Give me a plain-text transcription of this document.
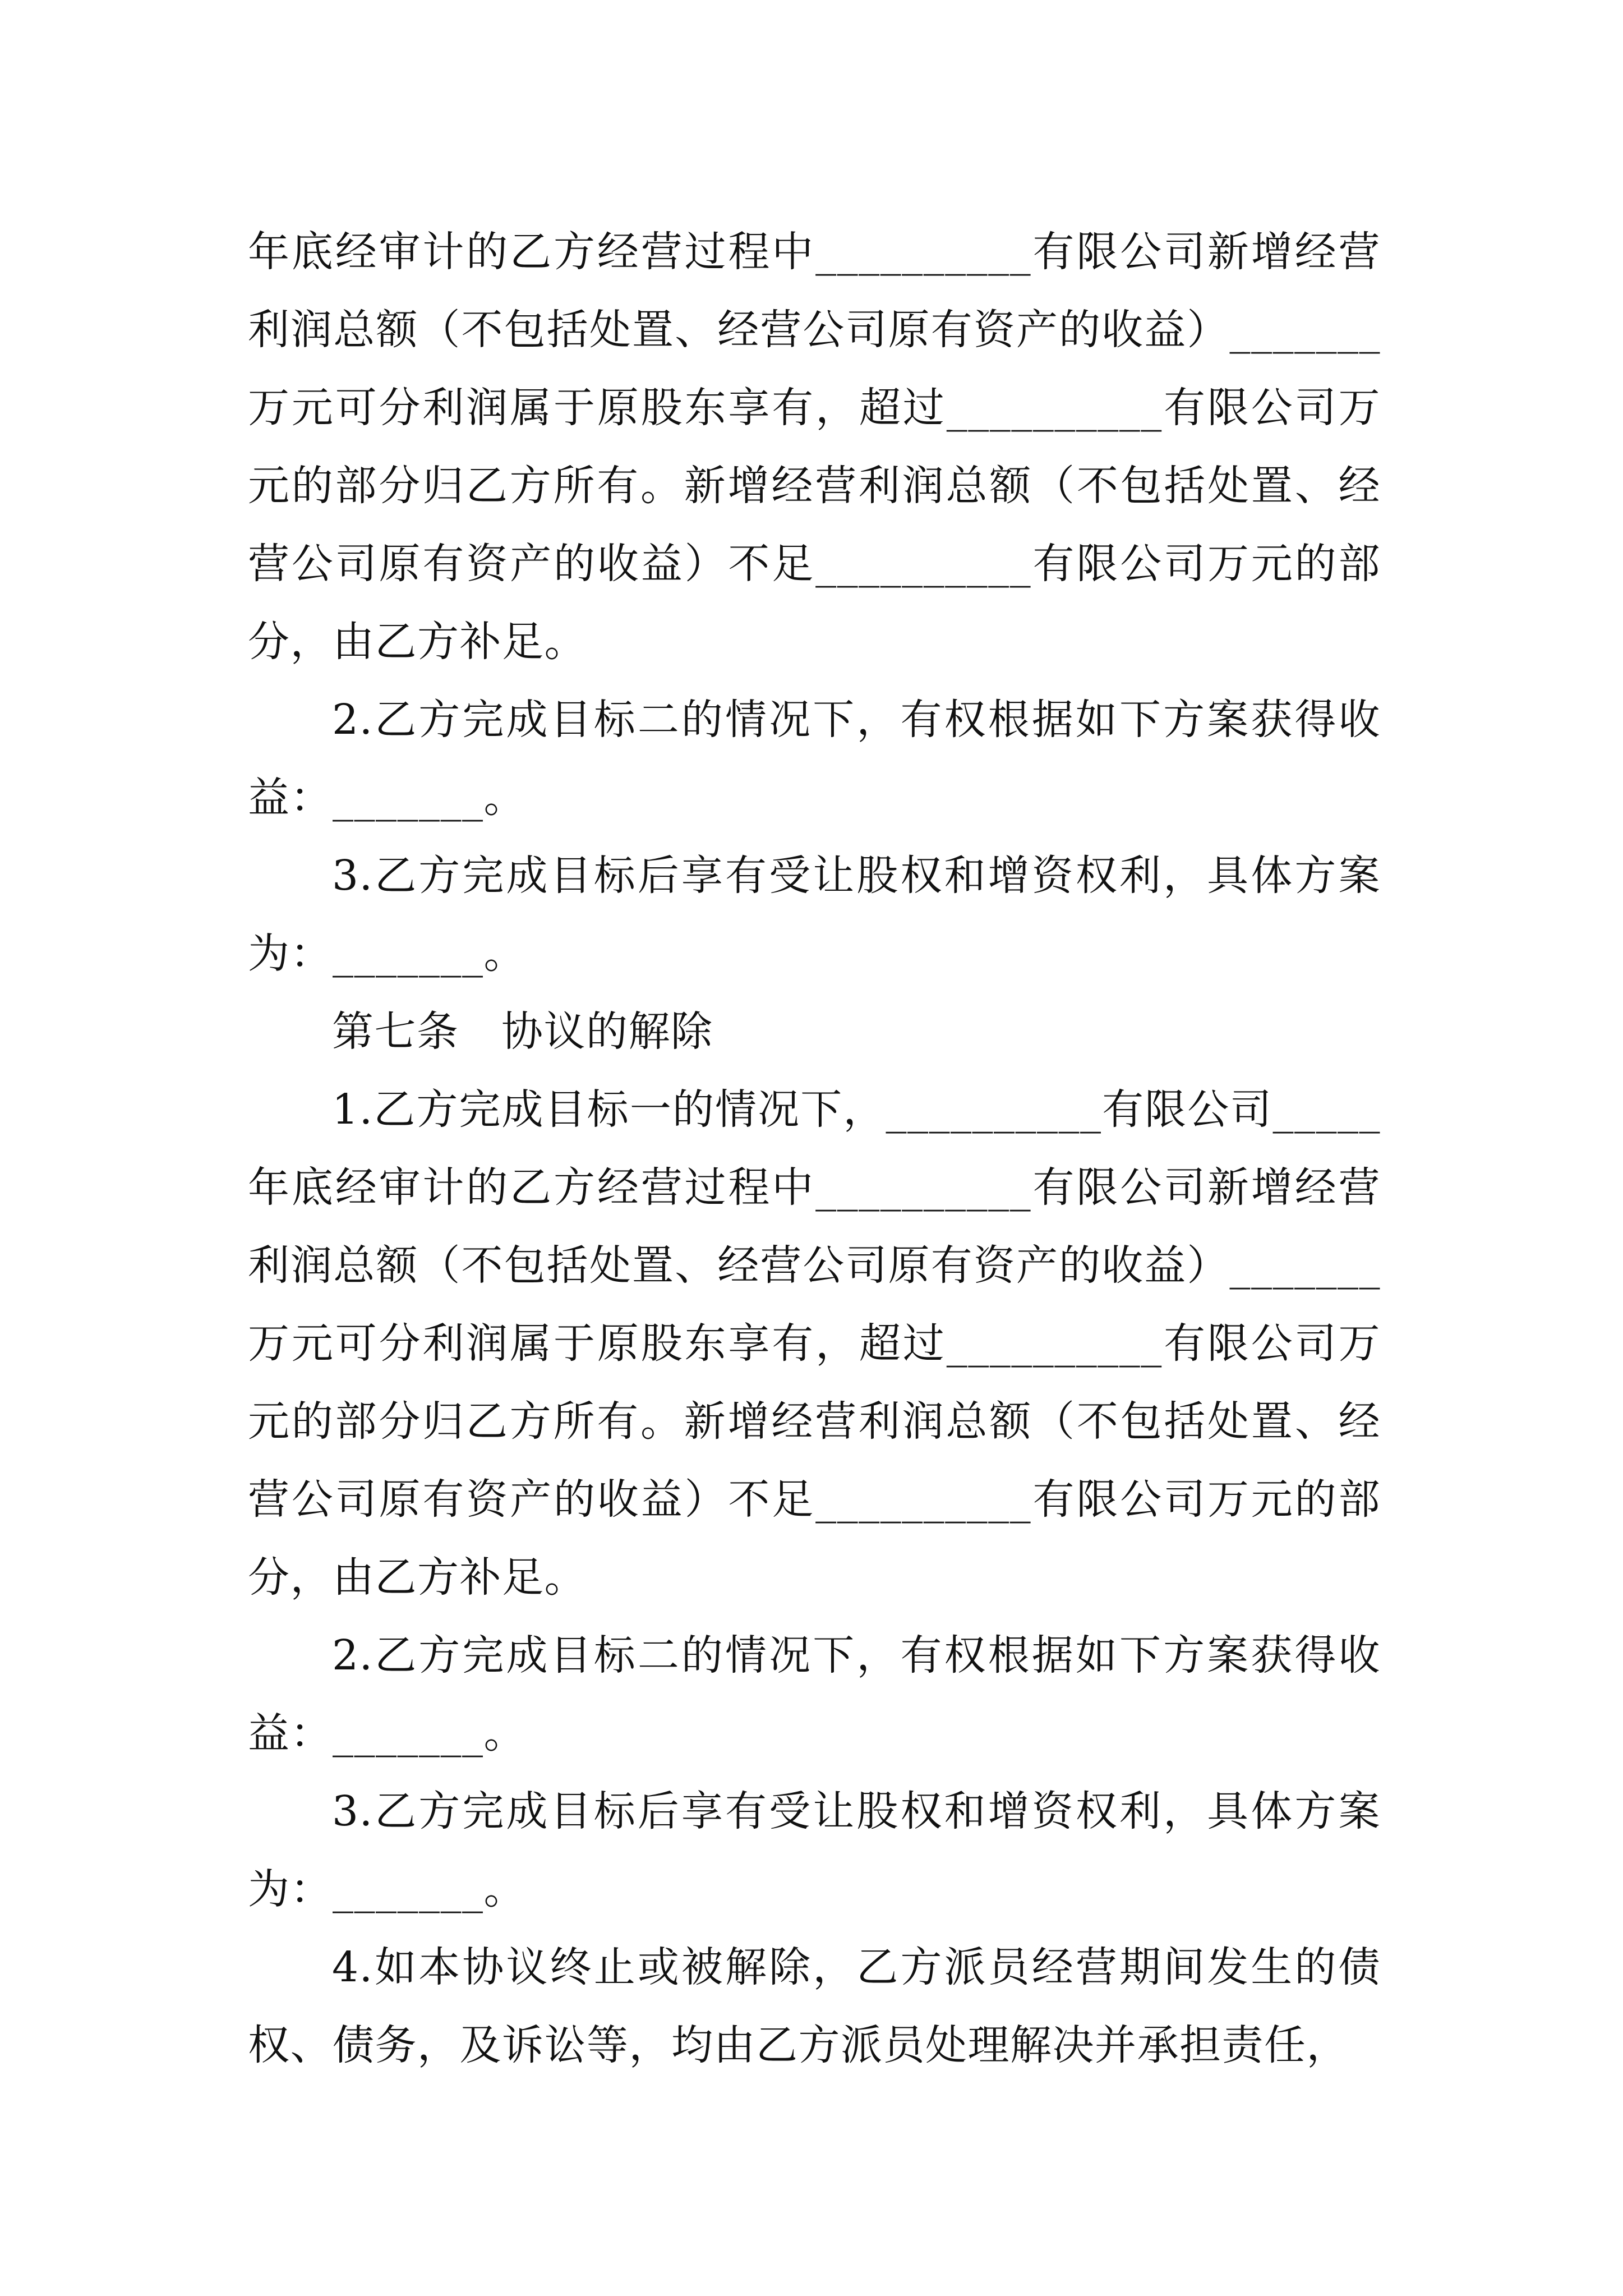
年底经审计的乙方经营过程中__________有限公司新增经营利润总额（不包括处置、经营公司原有资产的收益）_______万元可分利润属于原股东享有，超过__________有限公司万元的部分归乙方所有。新增经营利润总额（不包括处置、经营公司原有资产的收益）不足__________有限公司万元的部分，由乙方补足。

2.乙方完成目标二的情况下，有权根据如下方案获得收益：_______。

3.乙方完成目标后享有受让股权和增资权利，具体方案为：_______。

第七条　协议的解除

1.乙方完成目标一的情况下，__________有限公司_____年底经审计的乙方经营过程中__________有限公司新增经营利润总额（不包括处置、经营公司原有资产的收益）_______万元可分利润属于原股东享有，超过__________有限公司万元的部分归乙方所有。新增经营利润总额（不包括处置、经营公司原有资产的收益）不足__________有限公司万元的部分，由乙方补足。

2.乙方完成目标二的情况下，有权根据如下方案获得收益：_______。

3.乙方完成目标后享有受让股权和增资权利，具体方案为：_______。

4.如本协议终止或被解除，乙方派员经营期间发生的债权、债务，及诉讼等，均由乙方派员处理解决并承担责任，
